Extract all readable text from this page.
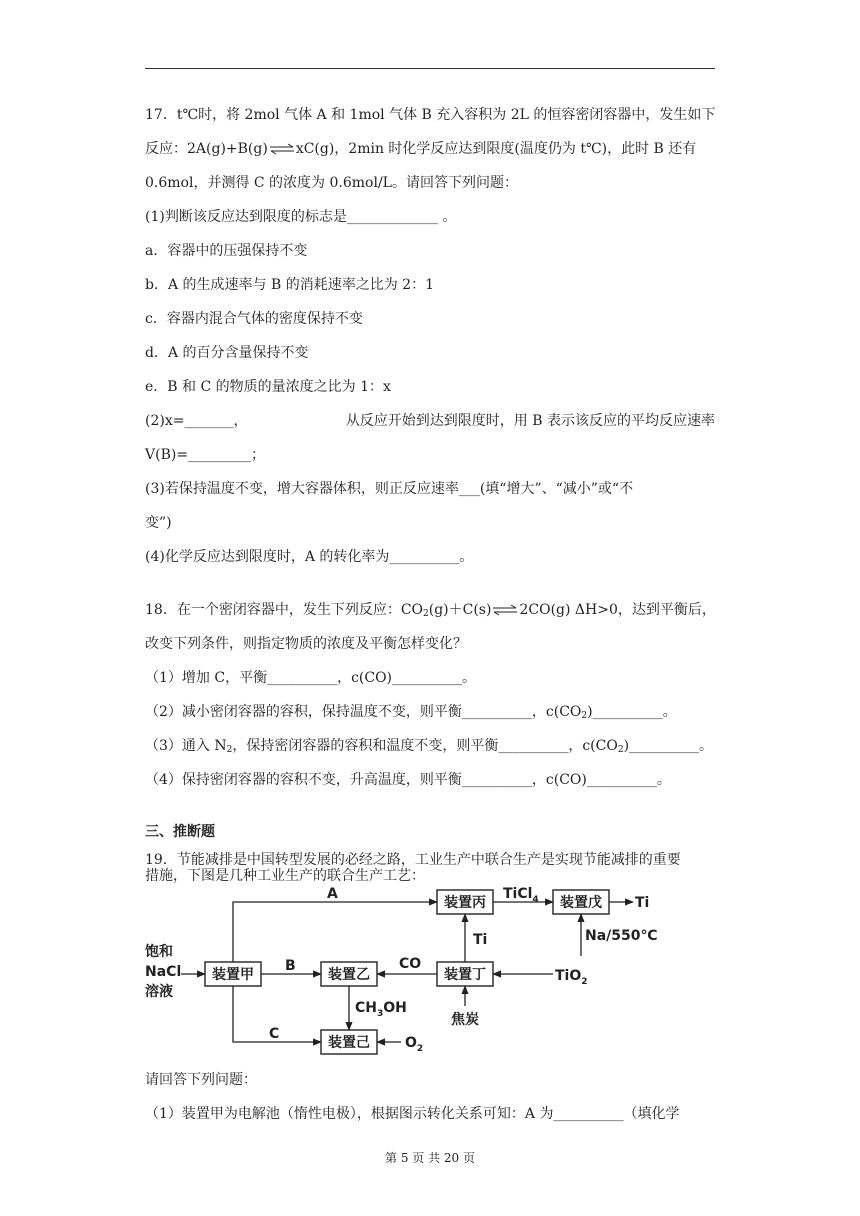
17．t℃时，将 2mol 气体 A 和 1mol 气体 B 充入容积为 2L 的恒容密闭容器中，发生如下
反应：2A(g)+B(g)⇌xC(g)，2min 时化学反应达到限度(温度仍为 t℃)，此时 B 还有
0.6mol，并测得 C 的浓度为 0.6mol/L。请回答下列问题：
(1)判断该反应达到限度的标志是_____________ 。
a．容器中的压强保持不变
b．A 的生成速率与 B 的消耗速率之比为 2：1
c．容器内混合气体的密度保持不变
d．A 的百分含量保持不变
e．B 和 C 的物质的量浓度之比为 1：x
(2)x=_______，	从反应开始到达到限度时，用 B 表示该反应的平均反应速率
V(B)=_________；
(3)若保持温度不变，增大容器体积，则正反应速率___(填“增大”、“减小”或“不
变”)
(4)化学反应达到限度时，A 的转化率为__________。
18．在一个密闭容器中，发生下列反应：$CO_2(g)+C(s)\rightleftharpoons 2CO(g)$ ΔH>0，达到平衡后，
改变下列条件，则指定物质的浓度及平衡怎样变化？
（1）增加 C，平衡__________，c(CO)__________。
（2）减小密闭容器的容积，保持温度不变，则平衡__________，$c(CO_2)\_\_\_\_\_\_\_\_\_\_$。
（3）通入 $N_2$，保持密闭容器的容积和温度不变，则平衡__________，$c(CO_2)\_\_\_\_\_\_\_\_\_\_$。
（4）保持密闭容器的容积不变，升高温度，则平衡__________，c(CO)__________。
三、推断题
19．节能减排是中国转型发展的必经之路，工业生产中联合生产是实现节能减排的重要
装置甲	装置乙	装置丁
装置丙	装置戊
装置己
饱和
NaCl
溶液
A
B
C
CO
Ti
TiCl$_4$	Ti
Na/550℃
TiO$_2$
$CH_3OH$
焦炭
$O_2$
措施，下图是几种工业生产的联合生产工艺：
请回答下列问题：
（1）装置甲为电解池（惰性电极），根据图示转化关系可知：A 为__________（填化学
第 5 页 共 20 页
